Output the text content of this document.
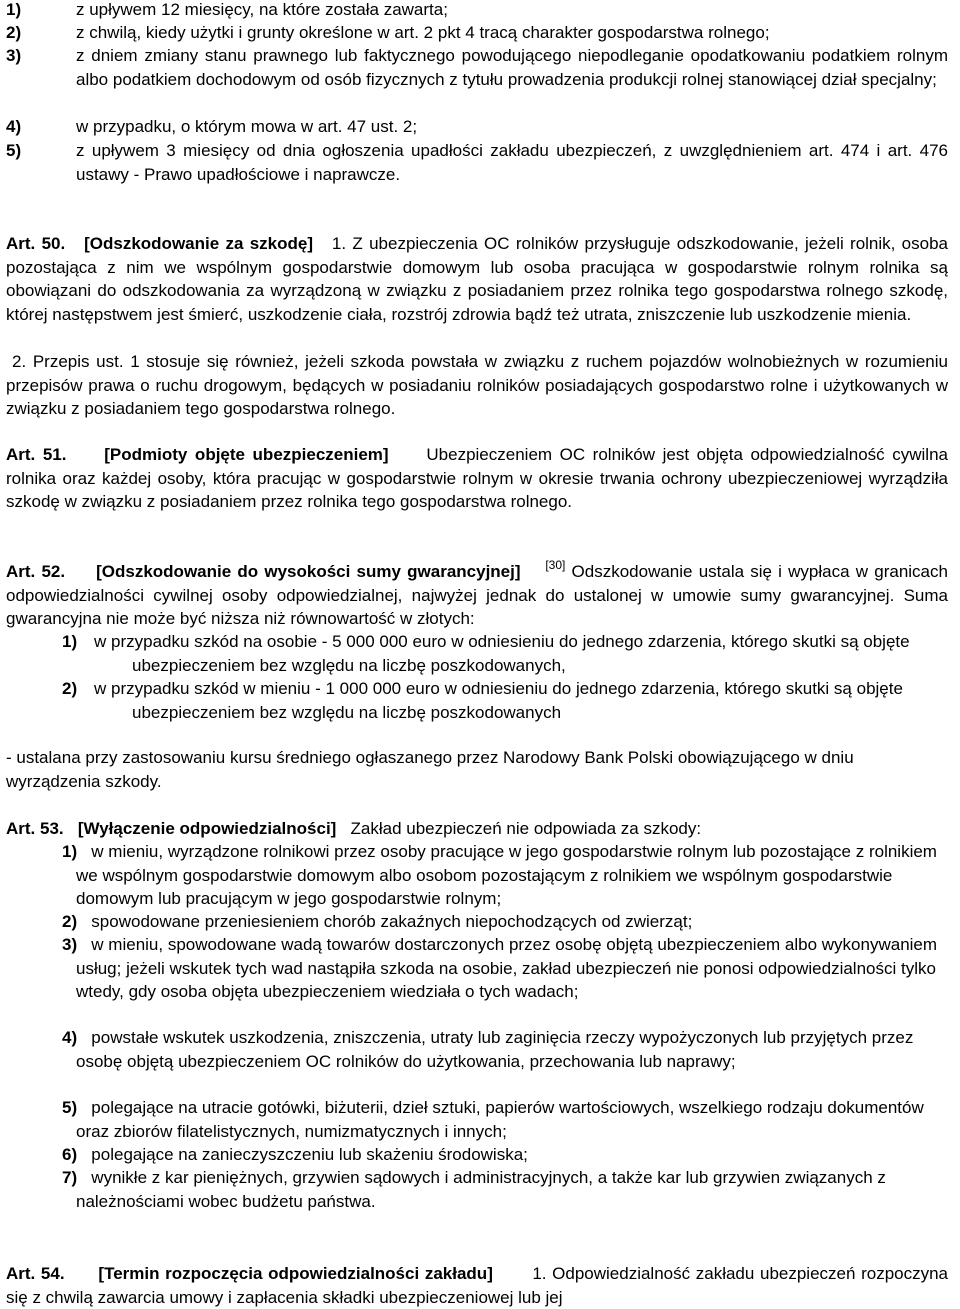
1)	z upływem 12 miesięcy, na które została zawarta;
2)	z chwilą, kiedy użytki i grunty określone w art. 2 pkt 4 tracą charakter gospodarstwa rolnego;
3)	z dniem zmiany stanu prawnego lub faktycznego powodującego niepodleganie opodatkowaniu podatkiem rolnym albo podatkiem dochodowym od osób fizycznych z tytułu prowadzenia produkcji rolnej stanowiącej dział specjalny;
4)	w przypadku, o którym mowa w art. 47 ust. 2;
5)	z upływem 3 miesięcy od dnia ogłoszenia upadłości zakładu ubezpieczeń, z uwzględnieniem art. 474 i art. 476 ustawy - Prawo upadłościowe i naprawcze.
Art. 50. [Odszkodowanie za szkodę] 1. Z ubezpieczenia OC rolników przysługuje odszkodowanie, jeżeli rolnik, osoba pozostająca z nim we wspólnym gospodarstwie domowym lub osoba pracująca w gospodarstwie rolnym rolnika są obowiązani do odszkodowania za wyrządzoną w związku z posiadaniem przez rolnika tego gospodarstwa rolnego szkodę, której następstwem jest śmierć, uszkodzenie ciała, rozstrój zdrowia bądź też utrata, zniszczenie lub uszkodzenie mienia.
2. Przepis ust. 1 stosuje się również, jeżeli szkoda powstała w związku z ruchem pojazdów wolnobieżnych w rozumieniu przepisów prawa o ruchu drogowym, będących w posiadaniu rolników posiadających gospodarstwo rolne i użytkowanych w związku z posiadaniem tego gospodarstwa rolnego.
Art. 51. [Podmioty objęte ubezpieczeniem] Ubezpieczeniem OC rolników jest objęta odpowiedzialność cywilna rolnika oraz każdej osoby, która pracując w gospodarstwie rolnym w okresie trwania ochrony ubezpieczeniowej wyrządziła szkodę w związku z posiadaniem przez rolnika tego gospodarstwa rolnego.
Art. 52. [Odszkodowanie do wysokości sumy gwarancyjnej] [30] Odszkodowanie ustala się i wypłaca w granicach odpowiedzialności cywilnej osoby odpowiedzialnej, najwyżej jednak do ustalonej w umowie sumy gwarancyjnej. Suma gwarancyjna nie może być niższa niż równowartość w złotych:
1) w przypadku szkód na osobie - 5 000 000 euro w odniesieniu do jednego zdarzenia, którego skutki są objęte ubezpieczeniem bez względu na liczbę poszkodowanych,
2) w przypadku szkód w mieniu - 1 000 000 euro w odniesieniu do jednego zdarzenia, którego skutki są objęte ubezpieczeniem bez względu na liczbę poszkodowanych
- ustalana przy zastosowaniu kursu średniego ogłaszanego przez Narodowy Bank Polski obowiązującego w dniu wyrządzenia szkody.
Art. 53. [Wyłączenie odpowiedzialności] Zakład ubezpieczeń nie odpowiada za szkody:
1) w mieniu, wyrządzone rolnikowi przez osoby pracujące w jego gospodarstwie rolnym lub pozostające z rolnikiem we wspólnym gospodarstwie domowym albo osobom pozostającym z rolnikiem we wspólnym gospodarstwie domowym lub pracującym w jego gospodarstwie rolnym;
2) spowodowane przeniesieniem chorób zakaźnych niepochodzących od zwierząt;
3) w mieniu, spowodowane wadą towarów dostarczonych przez osobę objętą ubezpieczeniem albo wykonywaniem usług; jeżeli wskutek tych wad nastąpiła szkoda na osobie, zakład ubezpieczeń nie ponosi odpowiedzialności tylko wtedy, gdy osoba objęta ubezpieczeniem wiedziała o tych wadach;
4) powstałe wskutek uszkodzenia, zniszczenia, utraty lub zaginięcia rzeczy wypożyczonych lub przyjętych przez osobę objętą ubezpieczeniem OC rolników do użytkowania, przechowania lub naprawy;
5) polegające na utracie gotówki, biżuterii, dzieł sztuki, papierów wartościowych, wszelkiego rodzaju dokumentów oraz zbiorów filatelistycznych, numizmatycznych i innych;
6) polegające na zanieczyszczeniu lub skażeniu środowiska;
7) wynikłe z kar pieniężnych, grzywien sądowych i administracyjnych, a także kar lub grzywien związanych z należnościami wobec budżetu państwa.
Art. 54. [Termin rozpoczęcia odpowiedzialności zakładu] 1. Odpowiedzialność zakładu ubezpieczeń rozpoczyna się z chwilą zawarcia umowy i zapłacenia składki ubezpieczeniowej lub jej
